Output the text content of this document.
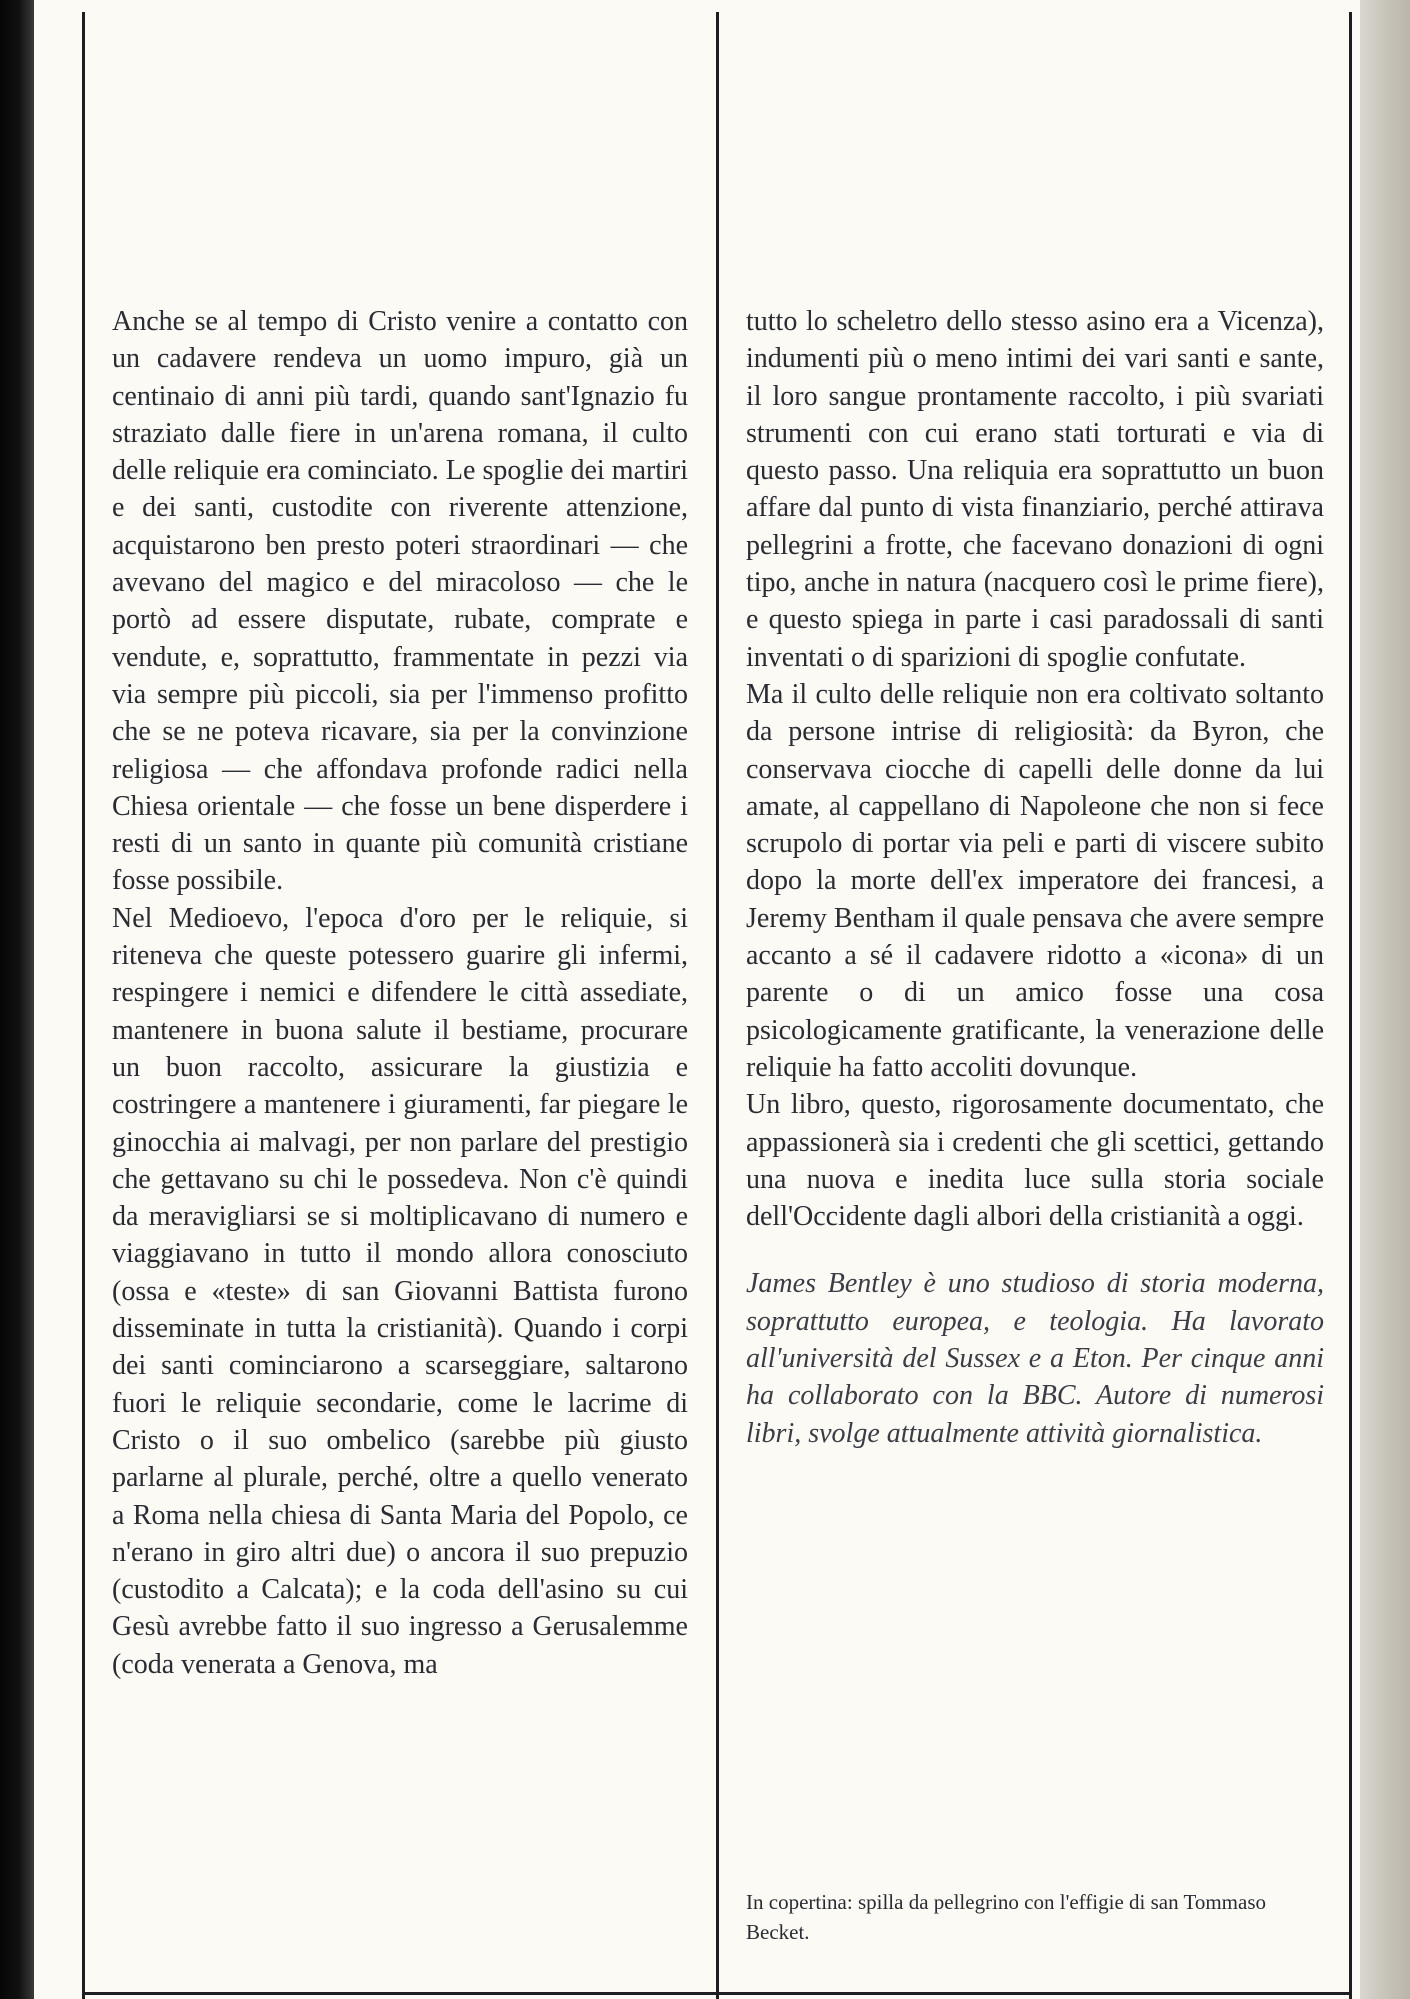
Anche se al tempo di Cristo venire a contatto con un cadavere rendeva un uomo impuro, già un centinaio di anni più tardi, quando sant'Ignazio fu straziato dalle fiere in un'arena romana, il culto delle reliquie era cominciato. Le spoglie dei martiri e dei santi, custodite con riverente attenzione, acquistarono ben presto poteri straordinari — che avevano del magico e del miracoloso — che le portò ad essere disputate, rubate, comprate e vendute, e, soprattutto, frammentate in pezzi via via sempre più piccoli, sia per l'immenso profitto che se ne poteva ricavare, sia per la convinzione religiosa — che affondava profonde radici nella Chiesa orientale — che fosse un bene disperdere i resti di un santo in quante più comunità cristiane fosse possibile.

Nel Medioevo, l'epoca d'oro per le reliquie, si riteneva che queste potessero guarire gli infermi, respingere i nemici e difendere le città assediate, mantenere in buona salute il bestiame, procurare un buon raccolto, assicurare la giustizia e costringere a mantenere i giuramenti, far piegare le ginocchia ai malvagi, per non parlare del prestigio che gettavano su chi le possedeva. Non c'è quindi da meravigliarsi se si moltiplicavano di numero e viaggiavano in tutto il mondo allora conosciuto (ossa e «teste» di san Giovanni Battista furono disseminate in tutta la cristianità). Quando i corpi dei santi cominciarono a scarseggiare, saltarono fuori le reliquie secondarie, come le lacrime di Cristo o il suo ombelico (sarebbe più giusto parlarne al plurale, perché, oltre a quello venerato a Roma nella chiesa di Santa Maria del Popolo, ce n'erano in giro altri due) o ancora il suo prepuzio (custodito a Calcata); e la coda dell'asino su cui Gesù avrebbe fatto il suo ingresso a Gerusalemme (coda venerata a Genova, ma

tutto lo scheletro dello stesso asino era a Vicenza), indumenti più o meno intimi dei vari santi e sante, il loro sangue prontamente raccolto, i più svariati strumenti con cui erano stati torturati e via di questo passo. Una reliquia era soprattutto un buon affare dal punto di vista finanziario, perché attirava pellegrini a frotte, che facevano donazioni di ogni tipo, anche in natura (nacquero così le prime fiere), e questo spiega in parte i casi paradossali di santi inventati o di sparizioni di spoglie confutate.

Ma il culto delle reliquie non era coltivato soltanto da persone intrise di religiosità: da Byron, che conservava ciocche di capelli delle donne da lui amate, al cappellano di Napoleone che non si fece scrupolo di portar via peli e parti di viscere subito dopo la morte dell'ex imperatore dei francesi, a Jeremy Bentham il quale pensava che avere sempre accanto a sé il cadavere ridotto a «icona» di un parente o di un amico fosse una cosa psicologicamente gratificante, la venerazione delle reliquie ha fatto accoliti dovunque.

Un libro, questo, rigorosamente documentato, che appassionerà sia i credenti che gli scettici, gettando una nuova e inedita luce sulla storia sociale dell'Occidente dagli albori della cristianità a oggi.

James Bentley è uno studioso di storia moderna, soprattutto europea, e teologia. Ha lavorato all'università del Sussex e a Eton. Per cinque anni ha collaborato con la BBC. Autore di numerosi libri, svolge attualmente attività giornalistica.

In copertina: spilla da pellegrino con l'effigie di san Tommaso Becket.
